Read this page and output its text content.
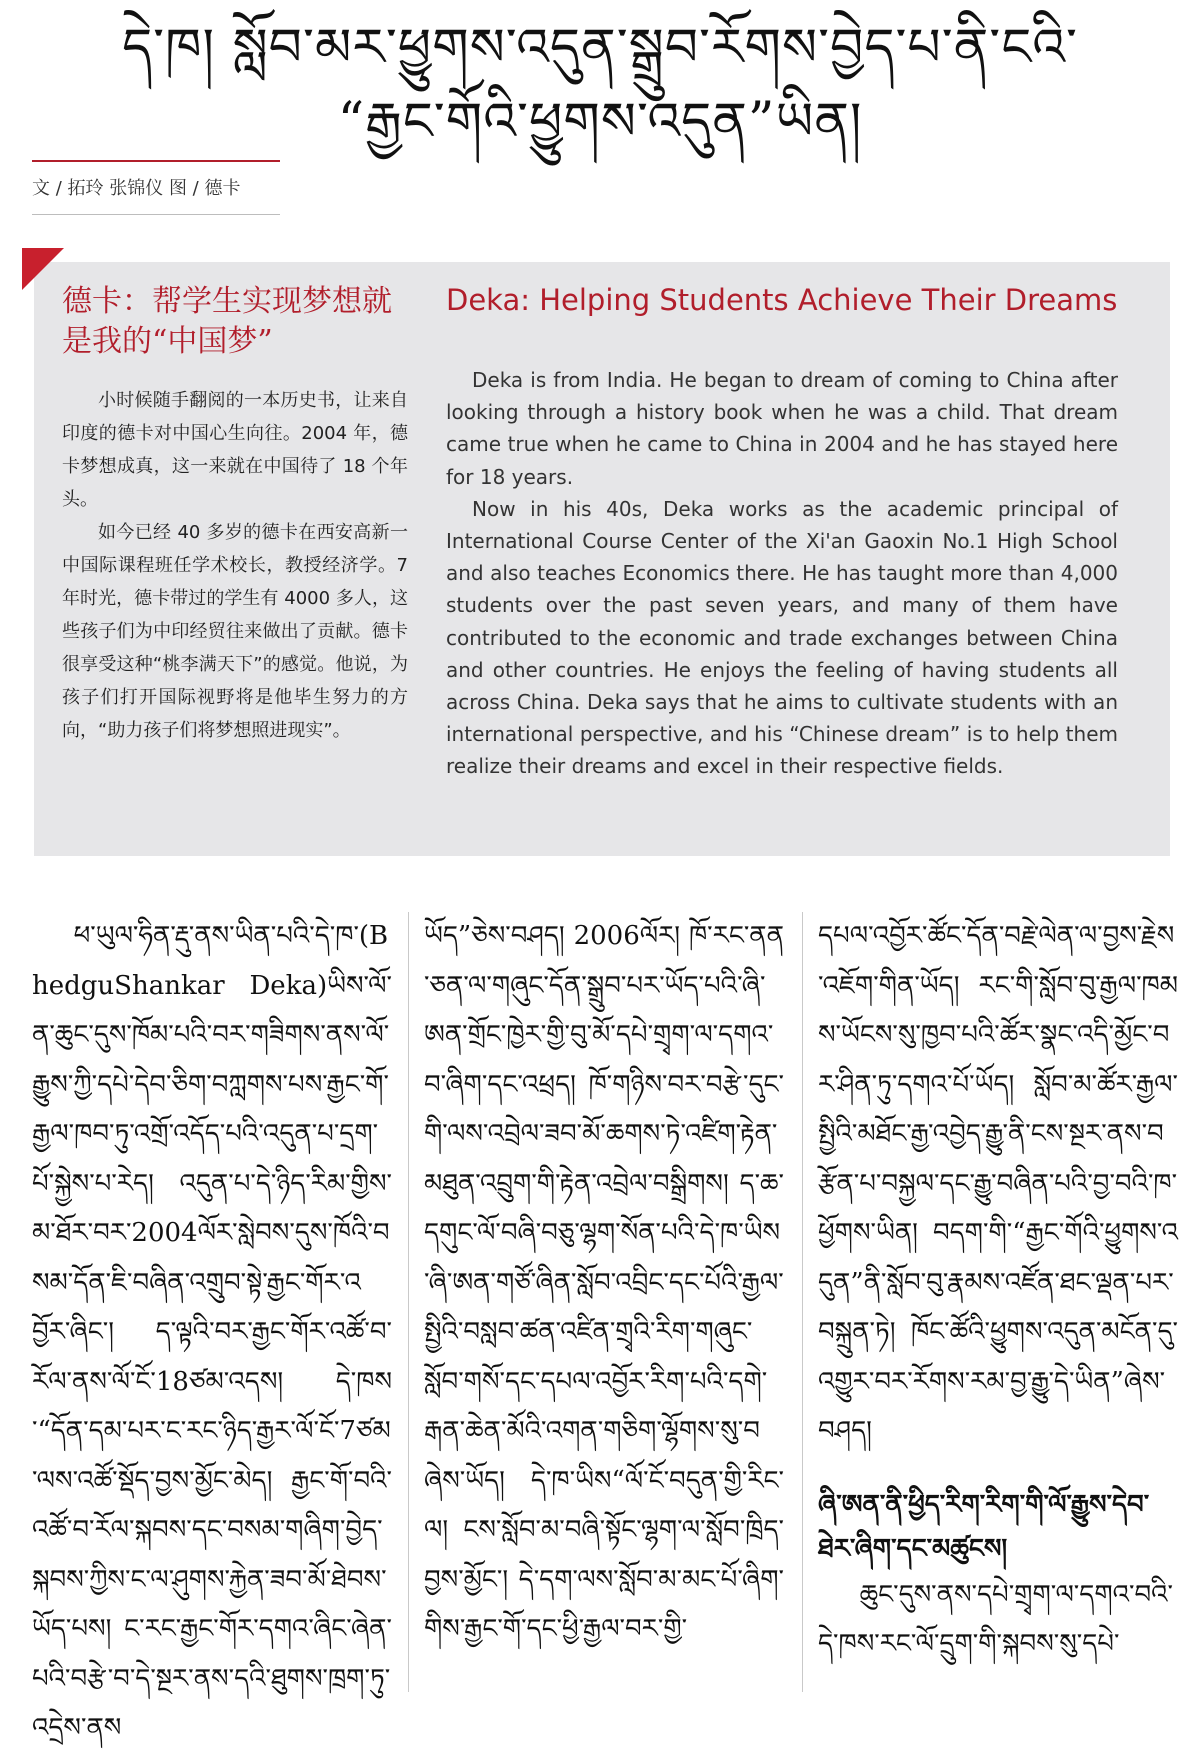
དེ་ཁ། སློབ་མར་ཕྱུགས་འདུན་སྒྲུབ་རོགས་བྱེད་པ་ནི་ངའི་
“རྒྱང་གོའི་ཕྱུགས་འདུན”ཡིན།
文 / 拓玲 张锦仪 图 / 德卡
德卡：帮学生实现梦想就是我的“中国梦”

小时候随手翻阅的一本历史书，让来自印度的德卡对中国心生向往。2004 年，德卡梦想成真，这一来就在中国待了 18 个年头。

如今已经 40 多岁的德卡在西安高新一中国际课程班任学术校长，教授经济学。7 年时光，德卡带过的学生有 4000 多人，这些孩子们为中印经贸往来做出了贡献。德卡很享受这种“桃李满天下”的感觉。他说，为孩子们打开国际视野将是他毕生努力的方向，“助力孩子们将梦想照进现实”。

Deka: Helping Students Achieve Their Dreams

Deka is from India. He began to dream of coming to China after looking through a history book when he was a child. That dream came true when he came to China in 2004 and he has stayed here for 18 years.

Now in his 40s, Deka works as the academic principal of International Course Center of the Xi'an Gaoxin No.1 High School and also teaches Economics there. He has taught more than 4,000 students over the past seven years, and many of them have contributed to the economic and trade exchanges between China and other countries. He enjoys the feeling of having students all across China. Deka says that he aims to cultivate students with an international perspective, and his “Chinese dream” is to help them realize their dreams and excel in their respective fields.

ཕ་ཡུལ་ཧིན་རྡུ་ནས་ཡིན་པའི་དེ་ཁ་(BhedguShankar Deka)ཡིས་ལོ་ན་ཆུང་དུས་ཁོམ་པའི་བར་གཟིགས་ནས་ལོ་རྒྱུས་ཀྱི་དཔེ་དེབ་ཅིག་བཀླགས་པས་རྒྱང་གོ་རྒྱལ་ཁབ་ཏུ་འགྲོ་འདོད་པའི་འདུན་པ་དྲག་པོ་སྐྱེས་པ་རེད། འདུན་པ་དེ་ཉིད་རིམ་གྱིས་མ་ཐོར་བར་2004ལོར་སླེབས་དུས་ཁོའི་བསམ་དོན་ཇི་བཞིན་འགྲུབ་སྟེ་རྒྱང་གོར་འབྱོར་ཞིང་། ད་ལྟའི་བར་རྒྱང་གོར་འཚོ་བ་རོལ་ནས་ལོ་ངོ་18ཙམ་འདས། དེ་ཁས་“དོན་དམ་པར་ང་རང་ཉིད་རྒྱར་ལོ་ངོ་7ཙམ་ལས་འཚོ་སྡོད་བྱས་མྱོང་མེད། རྒྱང་གོ་བའི་འཚོ་བ་རོལ་སྐབས་དང་བསམ་གཞིག་བྱེད་སྐབས་ཀྱིས་ང་ལ་ཤུགས་རྐྱེན་ཟབ་མོ་ཐེབས་ཡོད་པས། ང་རང་རྒྱང་གོར་དགའ་ཞིང་ཞེན་པའི་བརྩེ་བ་དེ་སྔར་ནས་དའི་ཐུགས་ཁྲག་ཏུ་འདྲེས་ནས

ཡོད”ཅེས་བཤད། 2006ལོར། ཁོ་རང་ནན་ཅན་ལ་གཞུང་དོན་སྒྲུབ་པར་ཡོད་པའི་ཞི་ཨན་གྲོང་ཁྱེར་གྱི་བུ་མོ་དཔེ་གྲྭག་ལ་དགའ་བ་ཞིག་དང་འཕྲད། ཁོ་གཉིས་བར་བརྩེ་དུང་གི་ལས་འབྲེལ་ཟབ་མོ་ཆགས་ཏེ་འཛིག་རྟེན་མཐུན་འབྲུག་གི་རྟེན་འབྲེལ་བསྒྲིགས། ད་ཆ་དགུང་ལོ་བཞི་བཅུ་ལྷག་སོན་པའི་དེ་ཁ་ཡིས་ཞི་ཨན་གཙོ་ཞིན་སློབ་འབྲིང་དང་པོའི་རྒྱལ་སྤྱིའི་བསླབ་ཚན་འཛིན་གྲྭའི་རིག་གཞུང་སློབ་གསོ་དང་དཔལ་འབྱོར་རིག་པའི་དགེ་རྒན་ཆེན་མོའི་འགན་གཅིག་ལྷོགས་སུ་བཞེས་ཡོད། དེ་ཁ་ཡིས“ལོ་ངོ་བདུན་གྱི་རིང་ལ། ངས་སློབ་མ་བཞི་སྟོང་ལྷག་ལ་སློབ་ཁྲིད་བྱས་མྱོང་། དེ་དག་ལས་སློབ་མ་མང་པོ་ཞིག་གིས་རྒྱང་གོ་དང་ཕྱི་རྒྱལ་བར་གྱི་

དཔལ་འབྱོར་ཚོང་དོན་བརྗེ་ལེན་ལ་བྱས་རྗེས་འཇོག་གིན་ཡོད། རང་གི་སློབ་བུ་རྒྱལ་ཁམས་ཡོངས་སུ་ཁྱབ་པའི་ཚོར་སྣང་འདི་མྱོང་བར་ཤིན་ཏུ་དགའ་པོ་ཡོད། སློབ་མ་ཚོར་རྒྱལ་སྤྱིའི་མཐོང་རྒྱ་འབྱེད་རྒྱུ་ནི་ངས་སྔར་ནས་བརྩོན་པ་བསྐྱལ་དང་རྒྱུ་བཞིན་པའི་བྱ་བའི་ཁ་ཕྱོགས་ཡིན། བདག་གི་“རྒྱང་གོའི་ཕྱུགས་འདུན”ནི་སློབ་བུ་རྣམས་འཛོན་ཐང་ལྡན་པར་བསྐྲུན་ཏེ། ཁོང་ཚོའི་ཕྱུགས་འདུན་མངོན་དུ་འགྱུར་བར་རོགས་རམ་བྱ་རྒྱུ་དེ་ཡིན”ཞེས་བཤད།

ཞི་ཨན་ནི་ཕྱིད་རིག་རིག་གི་ལོ་རྒྱུས་དེབ་ཐེར་ཞིག་དང་མཚུངས།

ཆུང་དུས་ནས་དཔེ་གྲྭག་ལ་དགའ་བའི་དེ་ཁས་རང་ལོ་དྲུག་གི་སྐབས་སུ་དཔེ་
